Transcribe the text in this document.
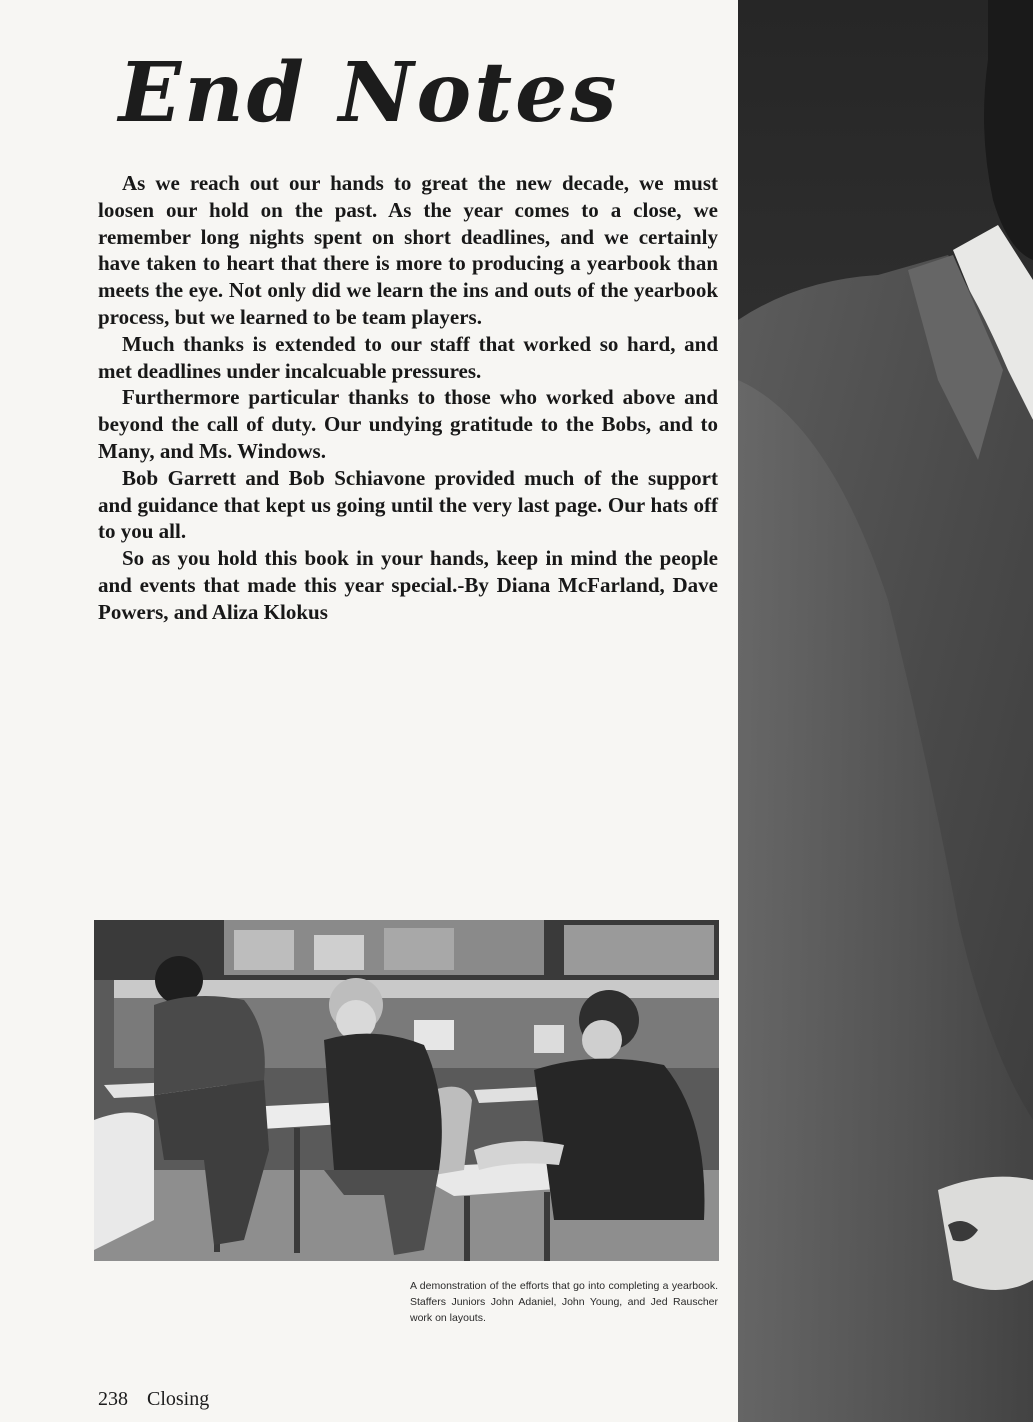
End Notes

As we reach out our hands to great the new decade, we must loosen our hold on the past. As the year comes to a close, we remember long nights spent on short deadlines, and we certainly have taken to heart that there is more to producing a yearbook than meets the eye. Not only did we learn the ins and outs of the yearbook process, but we learned to be team players.

Much thanks is extended to our staff that worked so hard, and met deadlines under incalcuable pressures.

Furthermore particular thanks to those who worked above and beyond the call of duty. Our undying gratitude to the Bobs, and to Many, and Ms. Windows.

Bob Garrett and Bob Schiavone provided much of the support and guidance that kept us going until the very last page. Our hats off to you all.

So as you hold this book in your hands, keep in mind the people and events that made this year special.-By Diana McFarland, Dave Powers, and Aliza Klokus

A demonstration of the efforts that go into completing a yearbook. Staffers Juniors John Adaniel, John Young, and Jed Rauscher work on layouts.
238 Closing
